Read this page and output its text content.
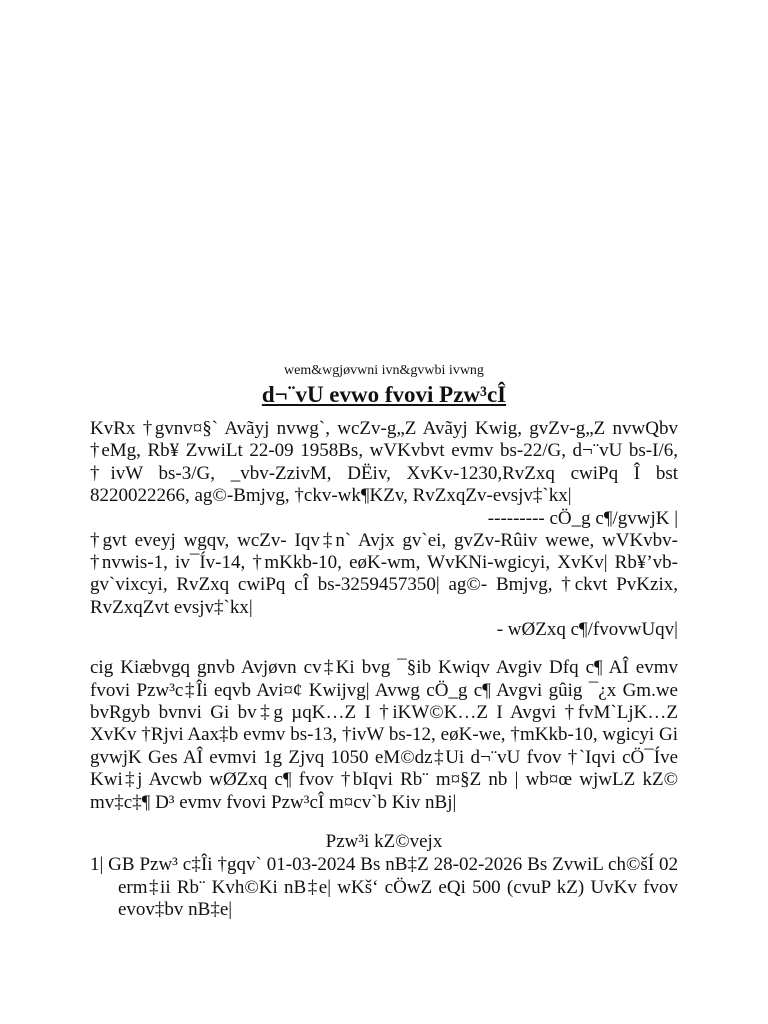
wem&wgjøvwni ivn&gvwbi ivwng

d¬¨vU evwo fvovi Pzw³cÎ

KvRx †gvnv¤§` Avãyj nvwg`, wcZv-g„Z Avãyj Kwig, gvZv-g„Z nvwQbv †eMg, Rb¥ ZvwiLt 22-09 1958Bs, wVKvbvt evmv bs-22/G, d¬¨vU bs-I/6, †ivW bs-3/G, _vbv-ZzivM, DËiv, XvKv-1230,RvZxq cwiPq Î bst 8220022266, ag©-Bmjvg, †ckv-wk¶KZv, RvZxqZv-evsjv‡`kx|

--------- cÖ_g c¶/gvwjK |

†gvt eveyj wgqv, wcZv- Iqv‡n` Avjx gv`ei, gvZv-Rûiv wewe, wVKvbv- †nvwis-1, iv¯Ív-14, †mKkb-10, eøK-wm, WvKNi-wgicyi, XvKv| Rb¥’vb- gv`vixcyi, RvZxq cwiPq cÎ bs-3259457350| ag©- Bmjvg, †ckvt PvKzix, RvZxqZvt evsjv‡`kx|

- wØZxq c¶/fvovwUqv|

cig Kiæbvgq gnvb Avjøvn cv‡Ki bvg ¯§ib Kwiqv Avgiv Dfq c¶ AÎ evmv fvovi Pzw³c‡Îi eqvb Avi¤¢ Kwijvg| Avwg cÖ_g c¶ Avgvi gûig ¯¿x Gm.we bvRgyb bvnvi Gi bv‡g µqK…Z I †iKW©K…Z I Avgvi †fvM`LjK…Z XvKv †Rjvi Aax‡b evmv bs-13, †ivW bs-12, eøK-we, †mKkb-10, wgicyi Gi gvwjK Ges AÎ evmvi 1g Zjvq 1050 eM©dz‡Ui d¬¨vU fvov †`Iqvi cÖ¯Íve Kwi‡j Avcwb wØZxq c¶ fvov †bIqvi Rb¨ m¤§Z nb | wb¤œ wjwLZ kZ© mv‡c‡¶ D³ evmv fvovi Pzw³cÎ m¤cv`b Kiv nBj|

Pzw³i kZ©vejx

1| GB Pzw³ c‡Îi †gqv` 01-03-2024 Bs nB‡Z 28-02-2026 Bs ZvwiL ch©šÍ 02 erm‡ii Rb¨ Kvh©Ki nB‡e| wKš‘ cÖwZ eQi 500 (cvuP kZ) UvKv fvov evov‡bv nB‡e|
